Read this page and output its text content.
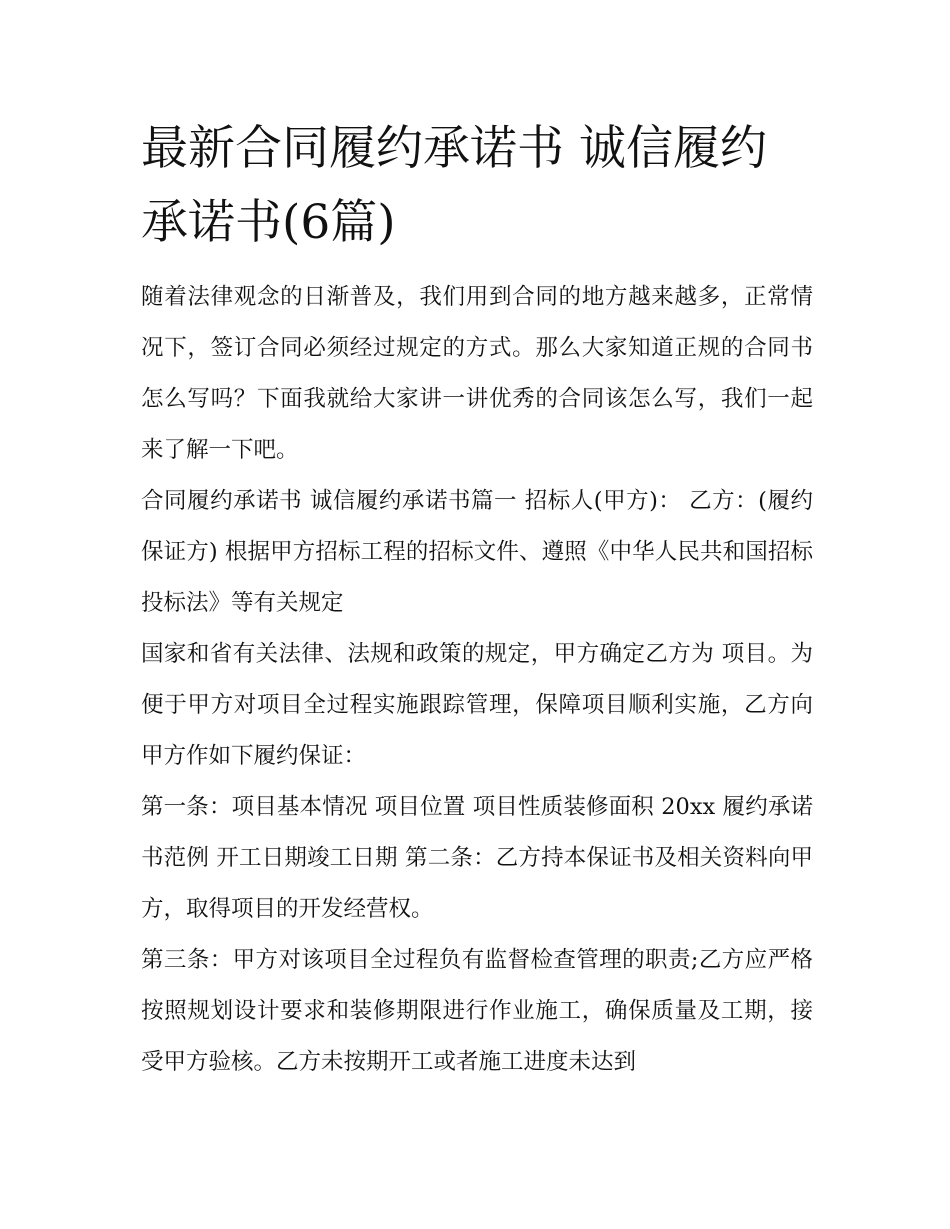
最新合同履约承诺书 诚信履约承诺书(6篇)

随着法律观念的日渐普及，我们用到合同的地方越来越多，正常情况下，签订合同必须经过规定的方式。那么大家知道正规的合同书怎么写吗？下面我就给大家讲一讲优秀的合同该怎么写，我们一起来了解一下吧。

合同履约承诺书 诚信履约承诺书篇一 招标人(甲方)： 乙方：(履约保证方) 根据甲方招标工程的招标文件、遵照《中华人民共和国招标投标法》等有关规定

国家和省有关法律、法规和政策的规定，甲方确定乙方为 项目。为便于甲方对项目全过程实施跟踪管理，保障项目顺利实施，乙方向甲方作如下履约保证：

第一条：项目基本情况 项目位置 项目性质装修面积 20xx 履约承诺书范例 开工日期竣工日期 第二条：乙方持本保证书及相关资料向甲方，取得项目的开发经营权。

第三条：甲方对该项目全过程负有监督检查管理的职责;乙方应严格按照规划设计要求和装修期限进行作业施工，确保质量及工期，接受甲方验核。乙方未按期开工或者施工进度未达到
